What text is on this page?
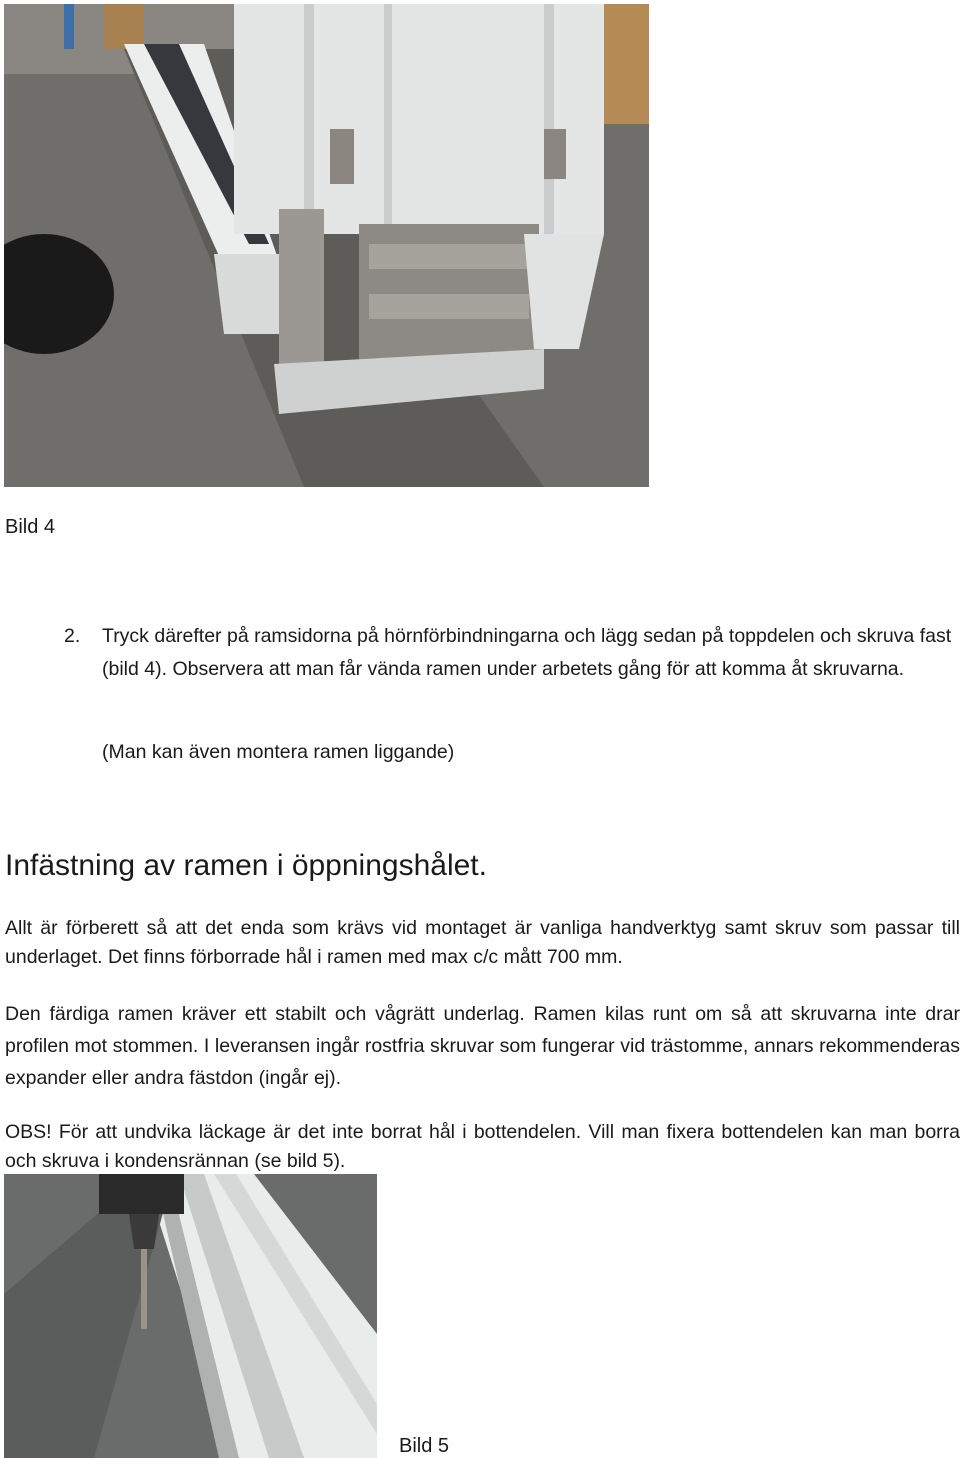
Bild 4
2. Tryck därefter på ramsidorna på hörnförbindningarna och lägg sedan på toppdelen och skruva fast (bild 4). Observera att man får vända ramen under arbetets gång för att komma åt skruvarna.
(Man kan även montera ramen liggande)
Infästning av ramen i öppningshålet.

Allt är förberett så att det enda som krävs vid montaget är vanliga handverktyg samt skruv som passar till underlaget. Det finns förborrade hål i ramen med max c/c mått 700 mm.

Den färdiga ramen kräver ett stabilt och vågrätt underlag. Ramen kilas runt om så att skruvarna inte drar profilen mot stommen. I leveransen ingår rostfria skruvar som fungerar vid trästomme, annars rekommenderas expander eller andra fästdon (ingår ej).

OBS! För att undvika läckage är det inte borrat hål i bottendelen. Vill man fixera bottendelen kan man borra och skruva i kondensrännan (se bild 5).

Bild 5
